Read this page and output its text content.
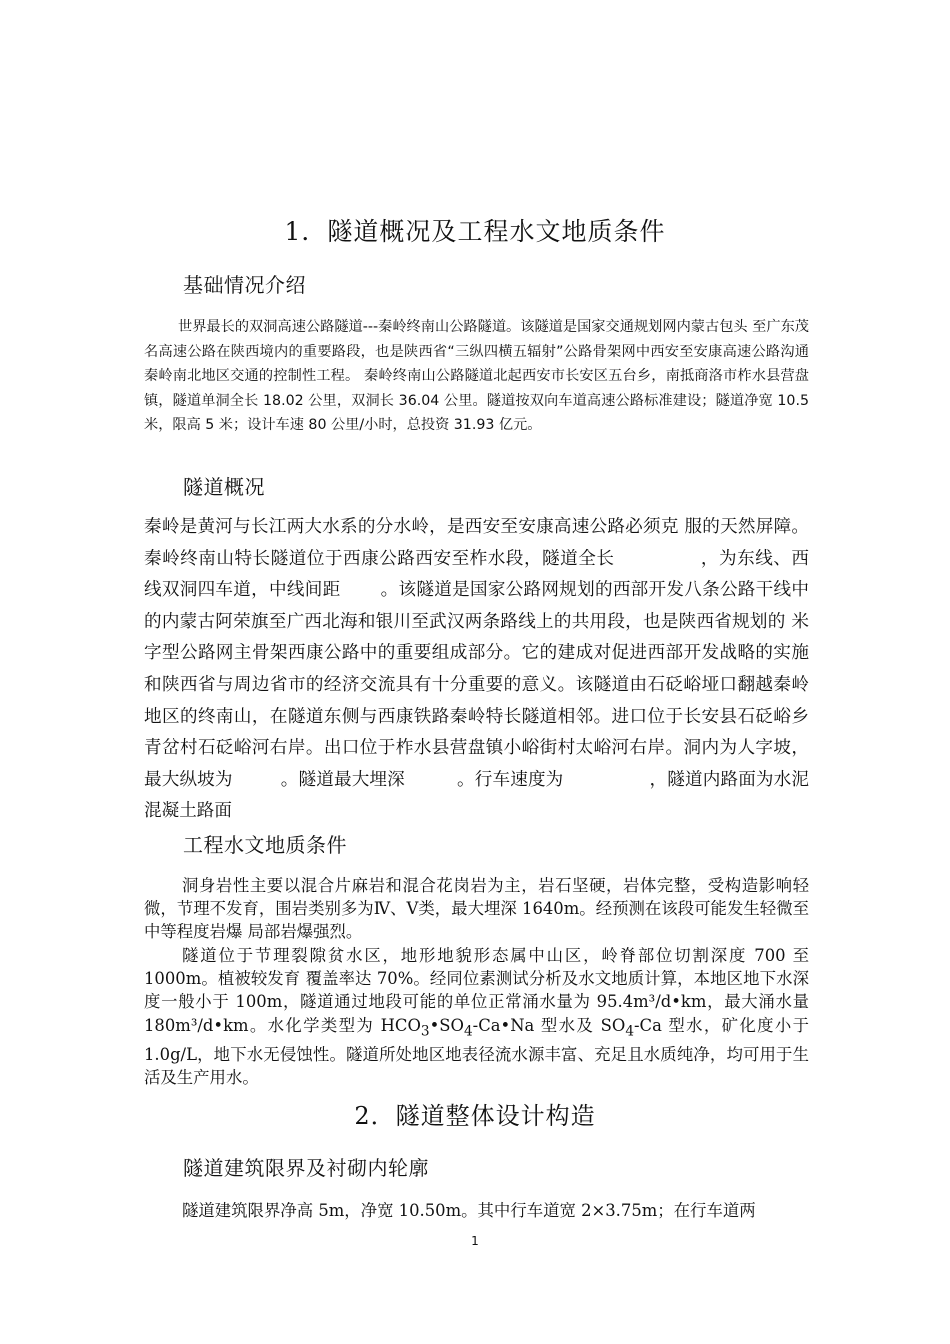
1．隧道概况及工程水文地质条件
基础情况介绍

世界最长的双洞高速公路隧道---秦岭终南山公路隧道。该隧道是国家交通规划网内蒙古包头 至广东茂名高速公路在陕西境内的重要路段，也是陕西省“三纵四横五辐射”公路骨架网中西安至安康高速公路沟通秦岭南北地区交通的控制性工程。 秦岭终南山公路隧道北起西安市长安区五台乡，南抵商洛市柞水县营盘镇，隧道单洞全长 18.02 公里，双洞长 36.04 公里。隧道按双向车道高速公路标准建设；隧道净宽 10.5 米，限高 5 米；设计车速 80 公里/小时，总投资 31.93 亿元。

隧道概况

秦岭是黄河与长江两大水系的分水岭，是西安至安康高速公路必须克 服的天然屏障。秦岭终南山特长隧道位于西康公路西安至柞水段，隧道全长	，为东线、西线双洞四车道，中线间距 。该隧道是国家公路网规划的西部开发八条公路干线中的内蒙古阿荣旗至广西北海和银川至武汉两条路线上的共用段，也是陕西省规划的 米 字型公路网主骨架西康公路中的重要组成部分。它的建成对促进西部开发战略的实施和陕西省与周边省市的经济交流具有十分重要的意义。该隧道由石砭峪垭口翻越秦岭地区的终南山，在隧道东侧与西康铁路秦岭特长隧道相邻。进口位于长安县石砭峪乡青岔村石砭峪河右岸。出口位于柞水县营盘镇小峪街村太峪河右岸。洞内为人字坡，最大纵坡为	。隧道最大埋深	。行车速度为	，隧道内路面为水泥混凝土路面

工程水文地质条件

洞身岩性主要以混合片麻岩和混合花岗岩为主，岩石坚硬，岩体完整，受构造影响轻微，节理不发育，围岩类别多为Ⅳ、Ⅴ类，最大埋深 1640m。经预测在该段可能发生轻微至中等程度岩爆 局部岩爆强烈。

隧道位于节理裂隙贫水区，地形地貌形态属中山区，岭脊部位切割深度 700 至 1000m。植被较发育 覆盖率达 70%。经同位素测试分析及水文地质计算，本地区地下水深度一般小于 100m，隧道通过地段可能的单位正常涌水量为 95.4m³/d•km，最大涌水量 180m³/d•km。水化学类型为 $HCO_3•SO_4-Ca•Na$ 型水及 $SO_4-Ca$ 型水，矿化度小于 1.0g/L，地下水无侵蚀性。隧道所处地区地表径流水源丰富、充足且水质纯净，均可用于生活及生产用水。

2．隧道整体设计构造
隧道建筑限界及衬砌内轮廓

隧道建筑限界净高 5m，净宽 10.50m。其中行车道宽 2×3.75m；在行车道两

1
